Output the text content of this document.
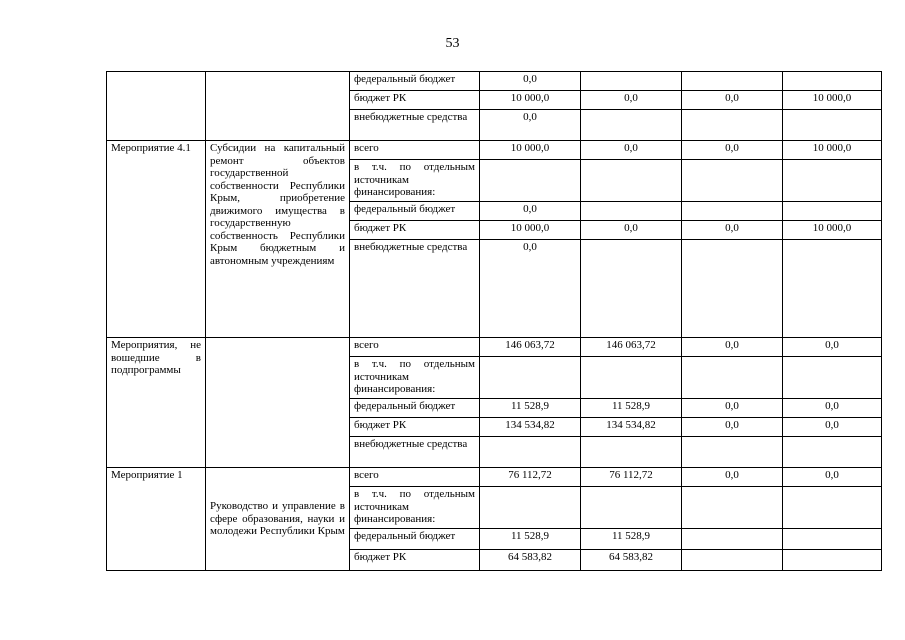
53
		федеральный бюджет	0,0			
		бюджет РК	10 000,0	0,0	0,0	10 000,0
		внебюджетные средства	0,0			
Мероприятие 4.1	Субсидии на капитальный ремонт объектов государственной собственности Республики Крым, приобретение движимого имущества в государственную собственность Республики Крым бюджетным и автономным учреждениям	всего	10 000,0	0,0	0,0	10 000,0
		в т.ч. по отдельным источникам финансирования:				
		федеральный бюджет	0,0			
		бюджет РК	10 000,0	0,0	0,0	10 000,0
		внебюджетные средства	0,0			
Мероприятия, не вошедшие в подпрограммы		всего	146 063,72	146 063,72	0,0	0,0
		в т.ч. по отдельным источникам финансирования:				
		федеральный бюджет	11 528,9	11 528,9	0,0	0,0
		бюджет РК	134 534,82	134 534,82	0,0	0,0
		внебюджетные средства				
Мероприятие 1	Руководство и управление в сфере образования, науки и молодежи Республики Крым	всего	76 112,72	76 112,72	0,0	0,0
		в т.ч. по отдельным источникам финансирования:				
		федеральный бюджет	11 528,9	11 528,9		
		бюджет РК	64 583,82	64 583,82		
